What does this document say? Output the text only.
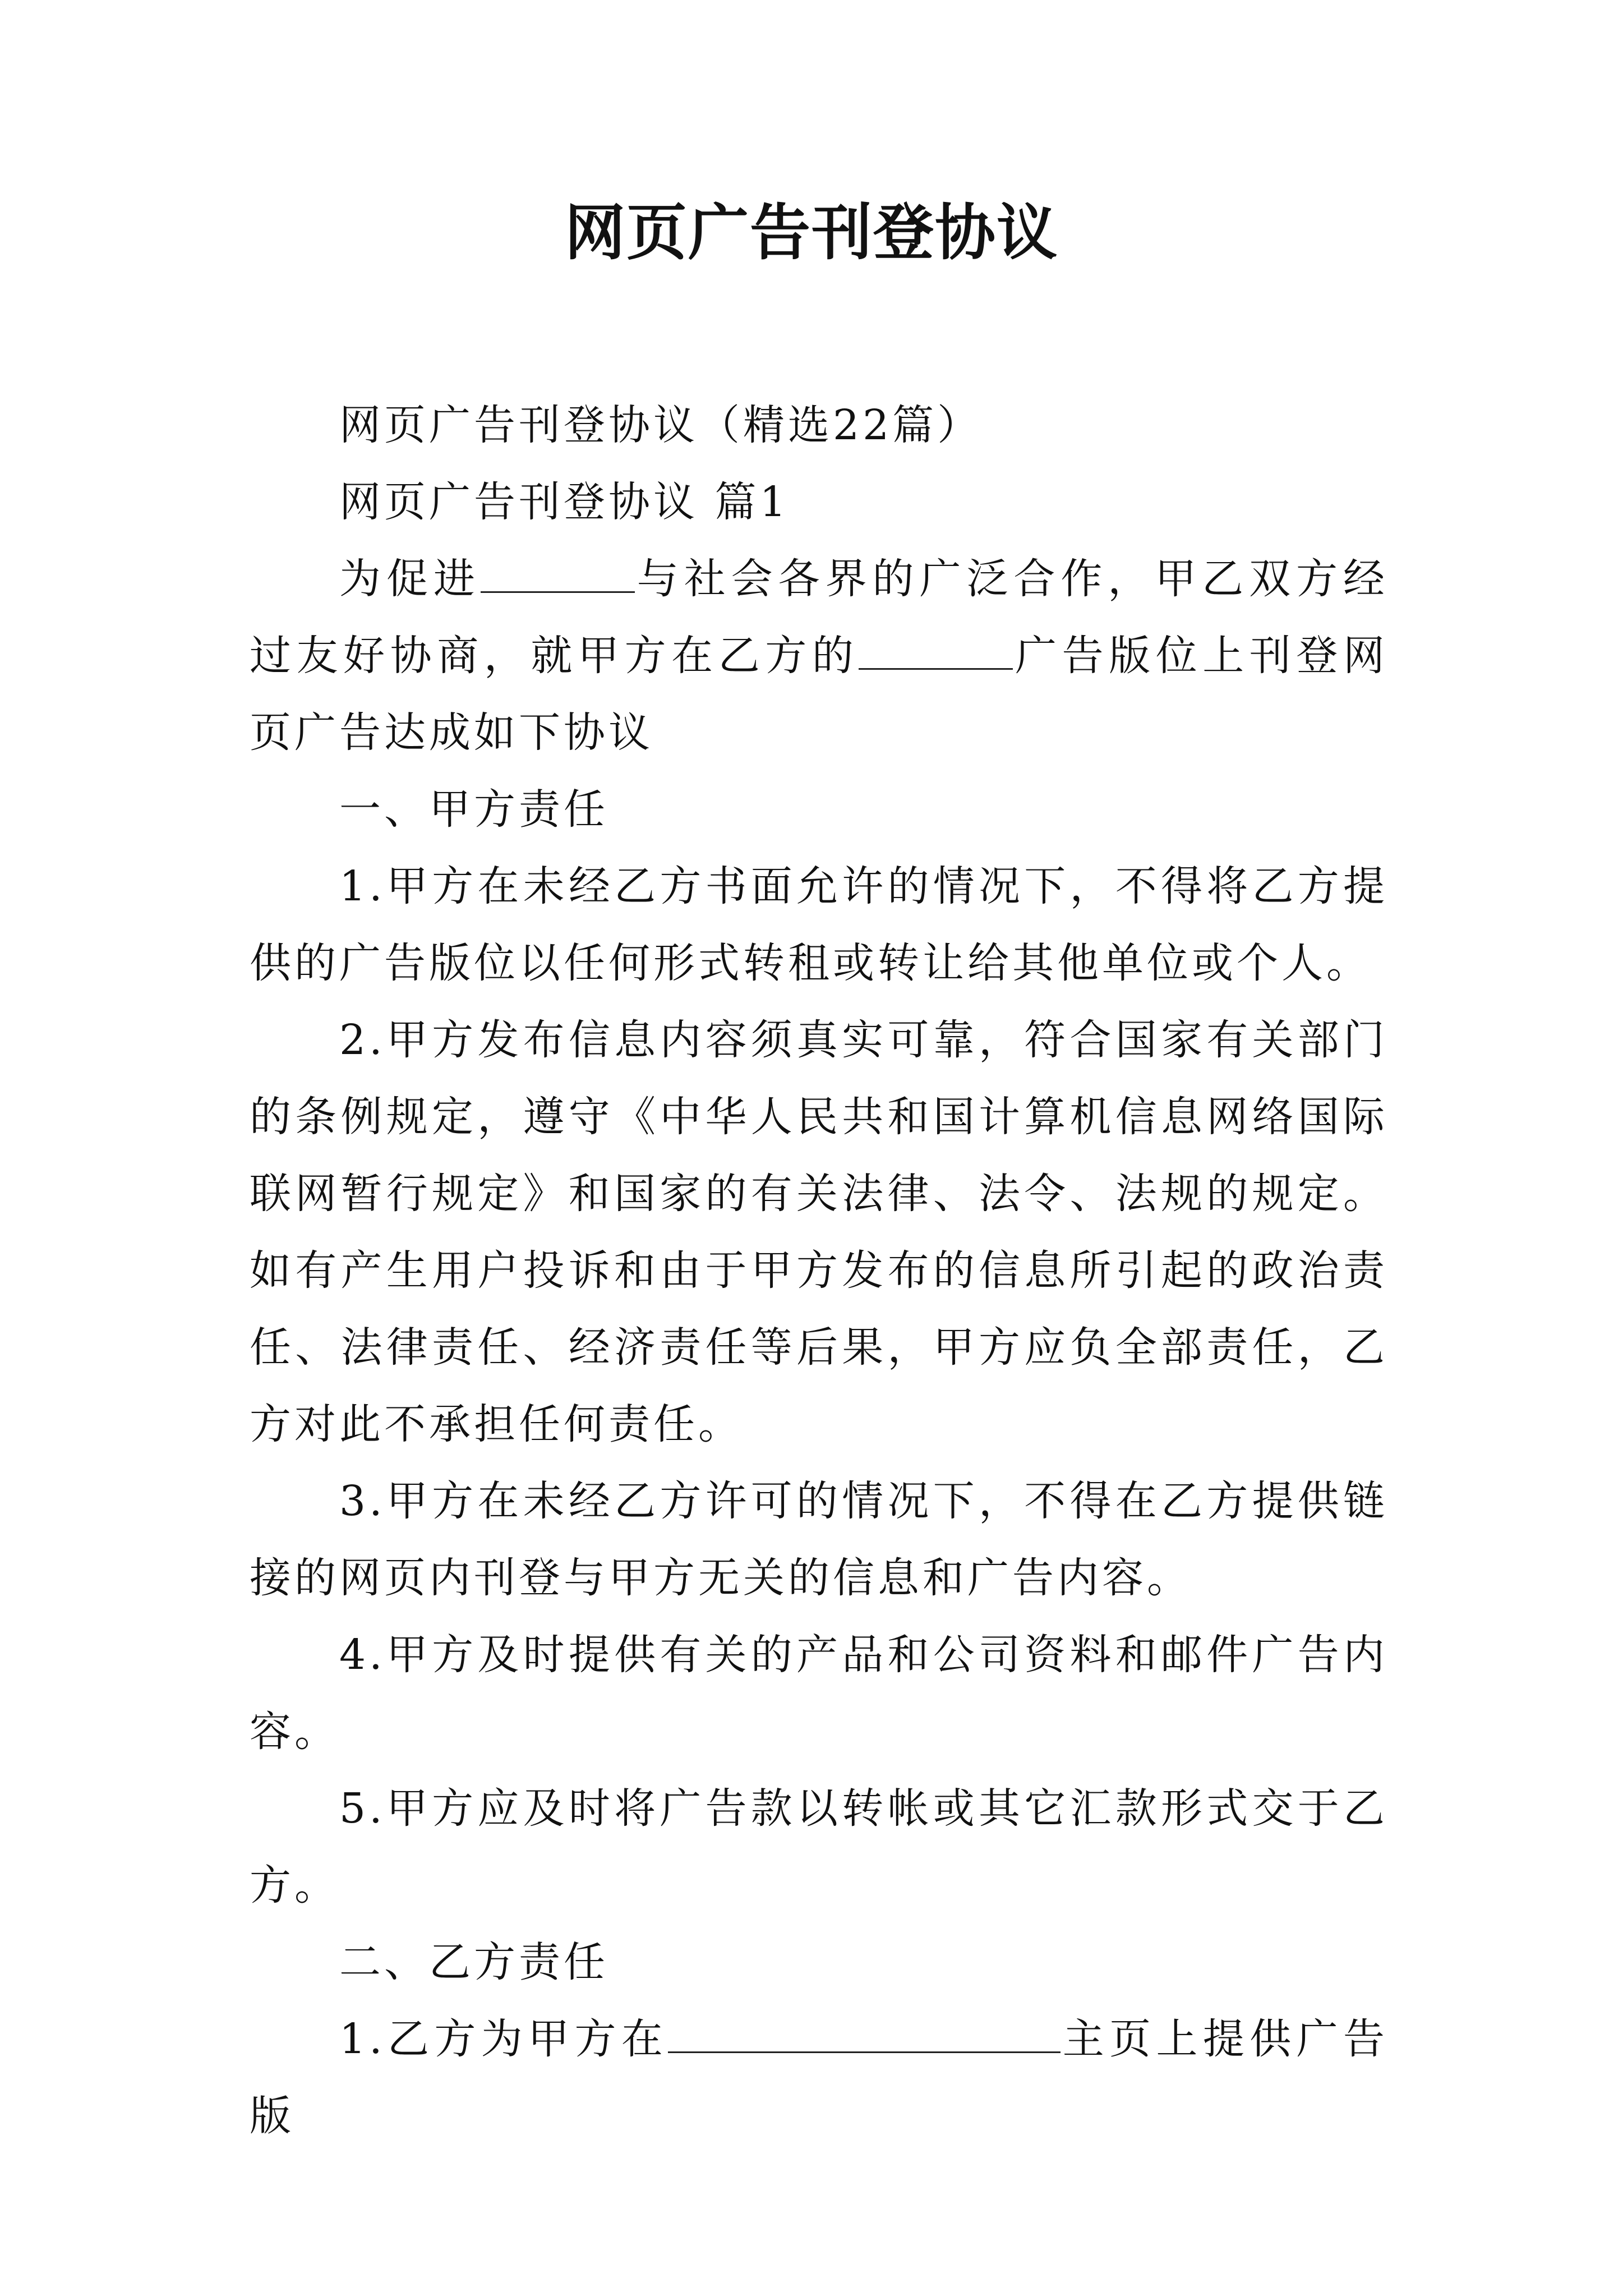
网页广告刊登协议

网页广告刊登协议（精选22篇）

网页广告刊登协议 篇1

为促进	与社会各界的广泛合作，甲乙双方经过友好协商，就甲方在乙方的	广告版位上刊登网页广告达成如下协议

一、甲方责任

1.甲方在未经乙方书面允许的情况下，不得将乙方提供的广告版位以任何形式转租或转让给其他单位或个人。

2.甲方发布信息内容须真实可靠，符合国家有关部门的条例规定，遵守《中华人民共和国计算机信息网络国际联网暂行规定》和国家的有关法律、法令、法规的规定。如有产生用户投诉和由于甲方发布的信息所引起的政治责任、法律责任、经济责任等后果，甲方应负全部责任，乙方对此不承担任何责任。

3.甲方在未经乙方许可的情况下，不得在乙方提供链接的网页内刊登与甲方无关的信息和广告内容。

4.甲方及时提供有关的产品和公司资料和邮件广告内容。

5.甲方应及时将广告款以转帐或其它汇款形式交于乙方。

二、乙方责任

1.乙方为甲方在	主页上提供广告版
